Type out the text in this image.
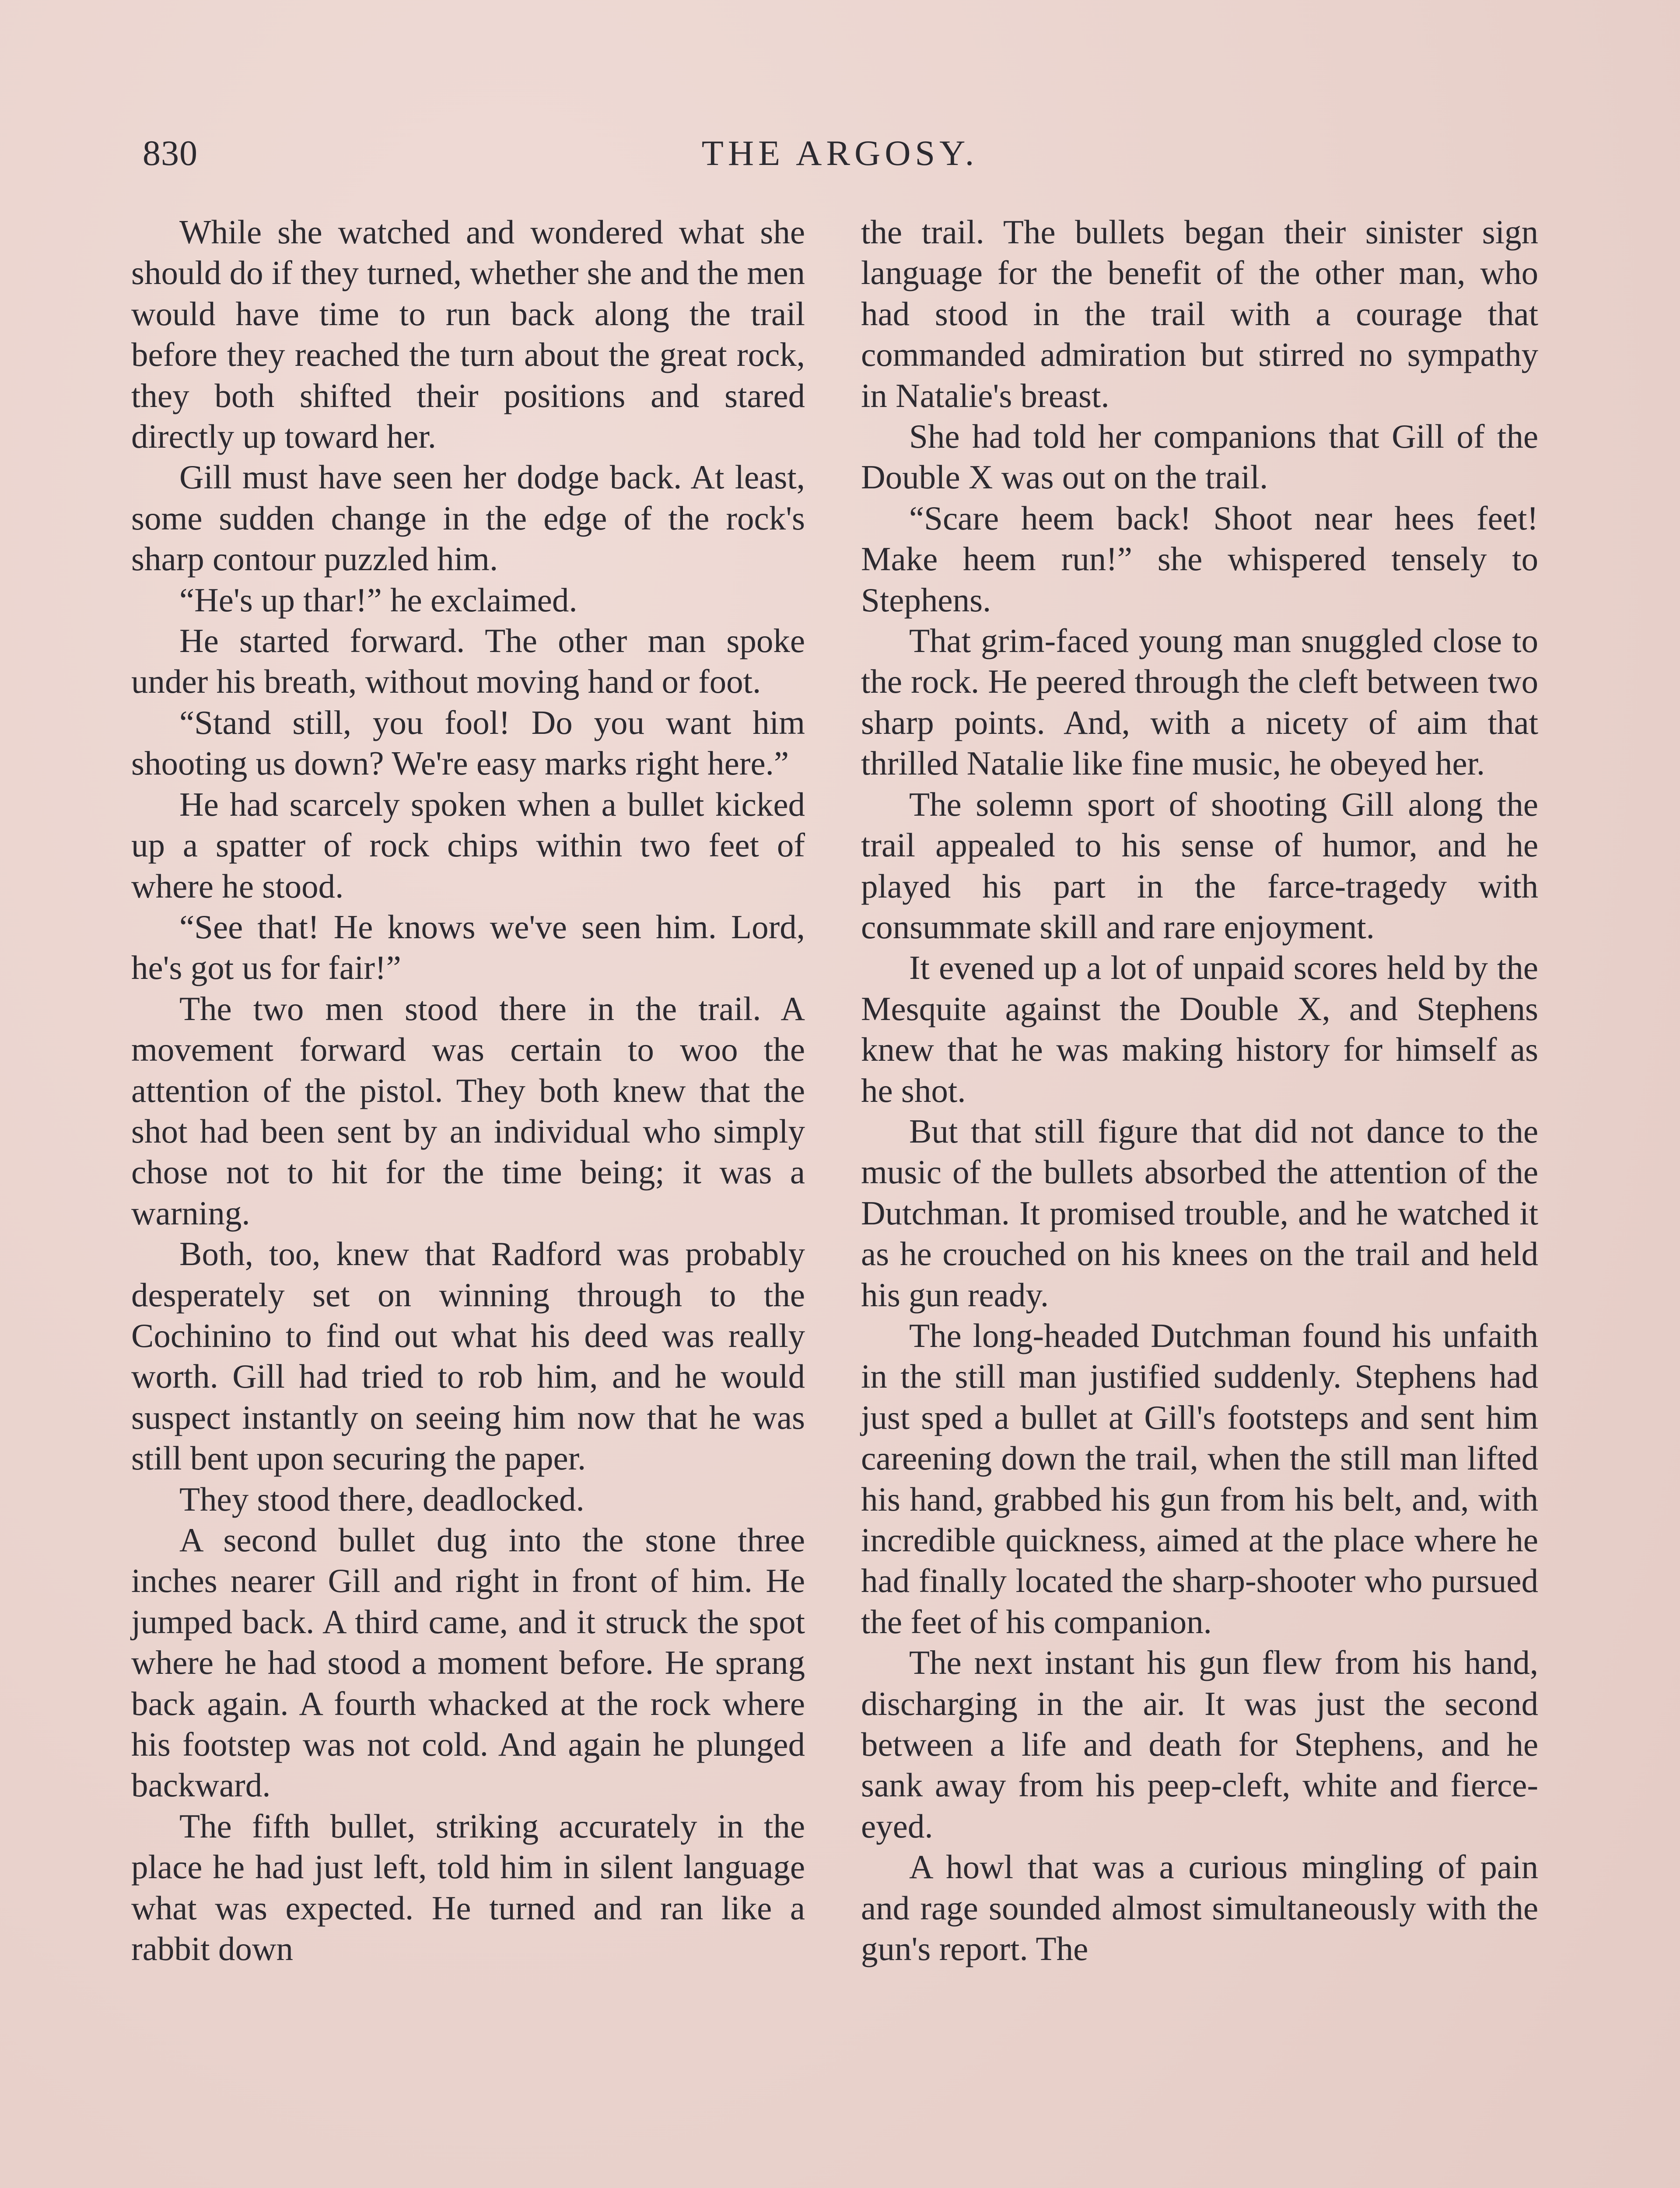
830	THE ARGOSY.

While she watched and wondered what she should do if they turned, whether she and the men would have time to run back along the trail before they reached the turn about the great rock, they both shifted their positions and stared directly up toward her.

Gill must have seen her dodge back. At least, some sudden change in the edge of the rock's sharp contour puzzled him.

“He's up thar!” he exclaimed.

He started forward. The other man spoke under his breath, without moving hand or foot.

“Stand still, you fool! Do you want him shooting us down? We're easy marks right here.”

He had scarcely spoken when a bullet kicked up a spatter of rock chips within two feet of where he stood.

“See that! He knows we've seen him. Lord, he's got us for fair!”

The two men stood there in the trail. A movement forward was certain to woo the attention of the pistol. They both knew that the shot had been sent by an individual who simply chose not to hit for the time being; it was a warning.

Both, too, knew that Radford was probably desperately set on winning through to the Cochinino to find out what his deed was really worth. Gill had tried to rob him, and he would suspect instantly on seeing him now that he was still bent upon securing the paper.

They stood there, deadlocked.

A second bullet dug into the stone three inches nearer Gill and right in front of him. He jumped back. A third came, and it struck the spot where he had stood a moment before. He sprang back again. A fourth whacked at the rock where his footstep was not cold. And again he plunged backward.

The fifth bullet, striking accurately in the place he had just left, told him in silent language what was expected. He turned and ran like a rabbit down

the trail. The bullets began their sinister sign language for the benefit of the other man, who had stood in the trail with a courage that commanded admiration but stirred no sympathy in Natalie's breast.

She had told her companions that Gill of the Double X was out on the trail.

“Scare heem back! Shoot near hees feet! Make heem run!” she whispered tensely to Stephens.

That grim-faced young man snuggled close to the rock. He peered through the cleft between two sharp points. And, with a nicety of aim that thrilled Natalie like fine music, he obeyed her.

The solemn sport of shooting Gill along the trail appealed to his sense of humor, and he played his part in the farce-tragedy with consummate skill and rare enjoyment.

It evened up a lot of unpaid scores held by the Mesquite against the Double X, and Stephens knew that he was making history for himself as he shot.

But that still figure that did not dance to the music of the bullets absorbed the attention of the Dutchman. It promised trouble, and he watched it as he crouched on his knees on the trail and held his gun ready.

The long-headed Dutchman found his unfaith in the still man justified suddenly. Stephens had just sped a bullet at Gill's footsteps and sent him careening down the trail, when the still man lifted his hand, grabbed his gun from his belt, and, with incredible quickness, aimed at the place where he had finally located the sharp-shooter who pursued the feet of his companion.

The next instant his gun flew from his hand, discharging in the air. It was just the second between a life and death for Stephens, and he sank away from his peep-cleft, white and fierce-eyed.

A howl that was a curious mingling of pain and rage sounded almost simultaneously with the gun's report. The
